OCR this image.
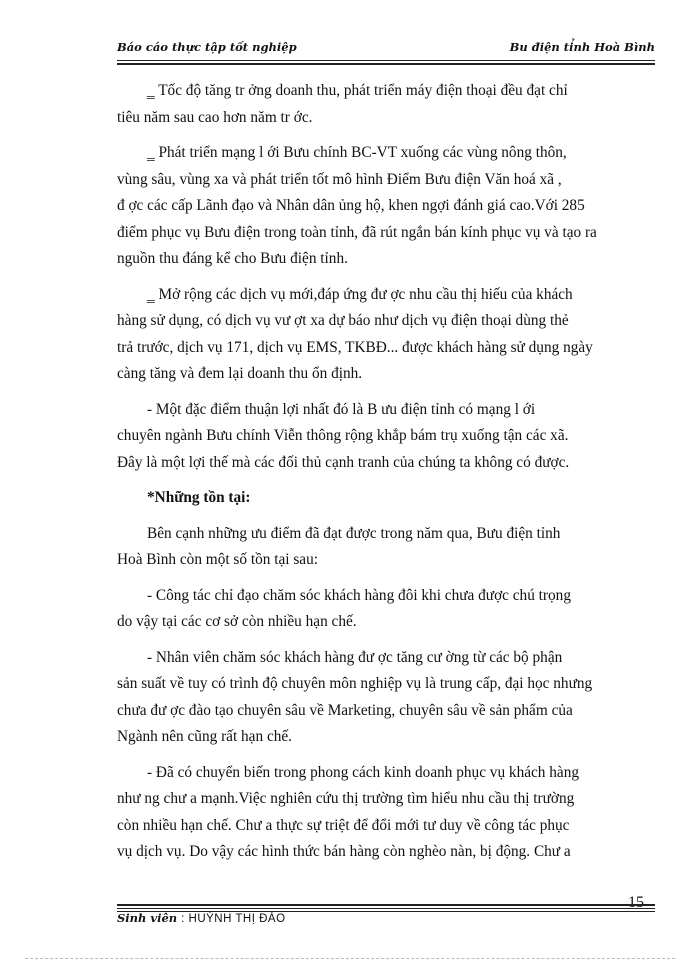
Báo cáo thực tập tốt nghiệp	Bu điện tỉnh Hoà Bình
‗ Tốc độ tăng tr ởng doanh thu, phát triển máy điện thoại đều đạt chỉ
tiêu năm sau cao hơn năm tr ớc.
‗ Phát triển mạng l ới Bưu chính BC-VT xuống các vùng nông thôn,
vùng sâu, vùng xa và phát triển tốt mô hình Điểm Bưu điện Văn hoá xã ,
đ ợc các cấp Lãnh đạo và Nhân dân ủng hộ, khen ngợi đánh giá cao.Với 285
điểm phục vụ Bưu điện trong toàn tỉnh, đã rút ngắn bán kính phục vụ và tạo ra
nguồn thu đáng kể cho Bưu điện tỉnh.
‗ Mở rộng các dịch vụ mới,đáp ứng đư ợc nhu cầu thị hiếu của khách
hàng sử dụng, có dịch vụ vư ợt xa dự báo như dịch vụ điện thoại dùng thẻ
trả trước, dịch vụ 171, dịch vụ EMS, TKBĐ... được khách hàng sử dụng ngày
càng tăng và đem lại doanh thu ổn định.
- Một đặc điểm thuận lợi nhất đó là B ưu điện tỉnh có mạng l ới
chuyên ngành Bưu chính Viễn thông rộng khắp bám trụ xuống tận các xã.
Đây là một lợi thế mà các đối thủ cạnh tranh của chúng ta không có được.
*Những tồn tại:
Bên cạnh những ưu điểm đã đạt được trong năm qua, Bưu điện tỉnh
Hoà Bình còn một số tồn tại sau:
- Công tác chỉ đạo chăm sóc khách hàng đôi khi chưa được chú trọng
do vậy tại các cơ sở còn nhiều hạn chế.
- Nhân viên chăm sóc khách hàng đư ợc tăng cư ờng từ các bộ phận
sản suất về tuy có trình độ chuyên môn nghiệp vụ là trung cấp, đại học nhưng
chưa đư ợc đào tạo chuyên sâu về Marketing, chuyên sâu về sản phẩm của
Ngành nên cũng rất hạn chế.
- Đã có chuyển biến trong phong cách kinh doanh phục vụ khách hàng
như ng chư a mạnh.Việc nghiên cứu thị trường tìm hiểu nhu cầu thị trường
còn nhiều hạn chế. Chư a thực sự triệt để đổi mới tư duy về công tác phục
vụ dịch vụ. Do vậy các hình thức bán hàng còn nghèo nàn, bị động. Chư a
15
Sinh viên : HUỲNH THỊ ĐÀO
